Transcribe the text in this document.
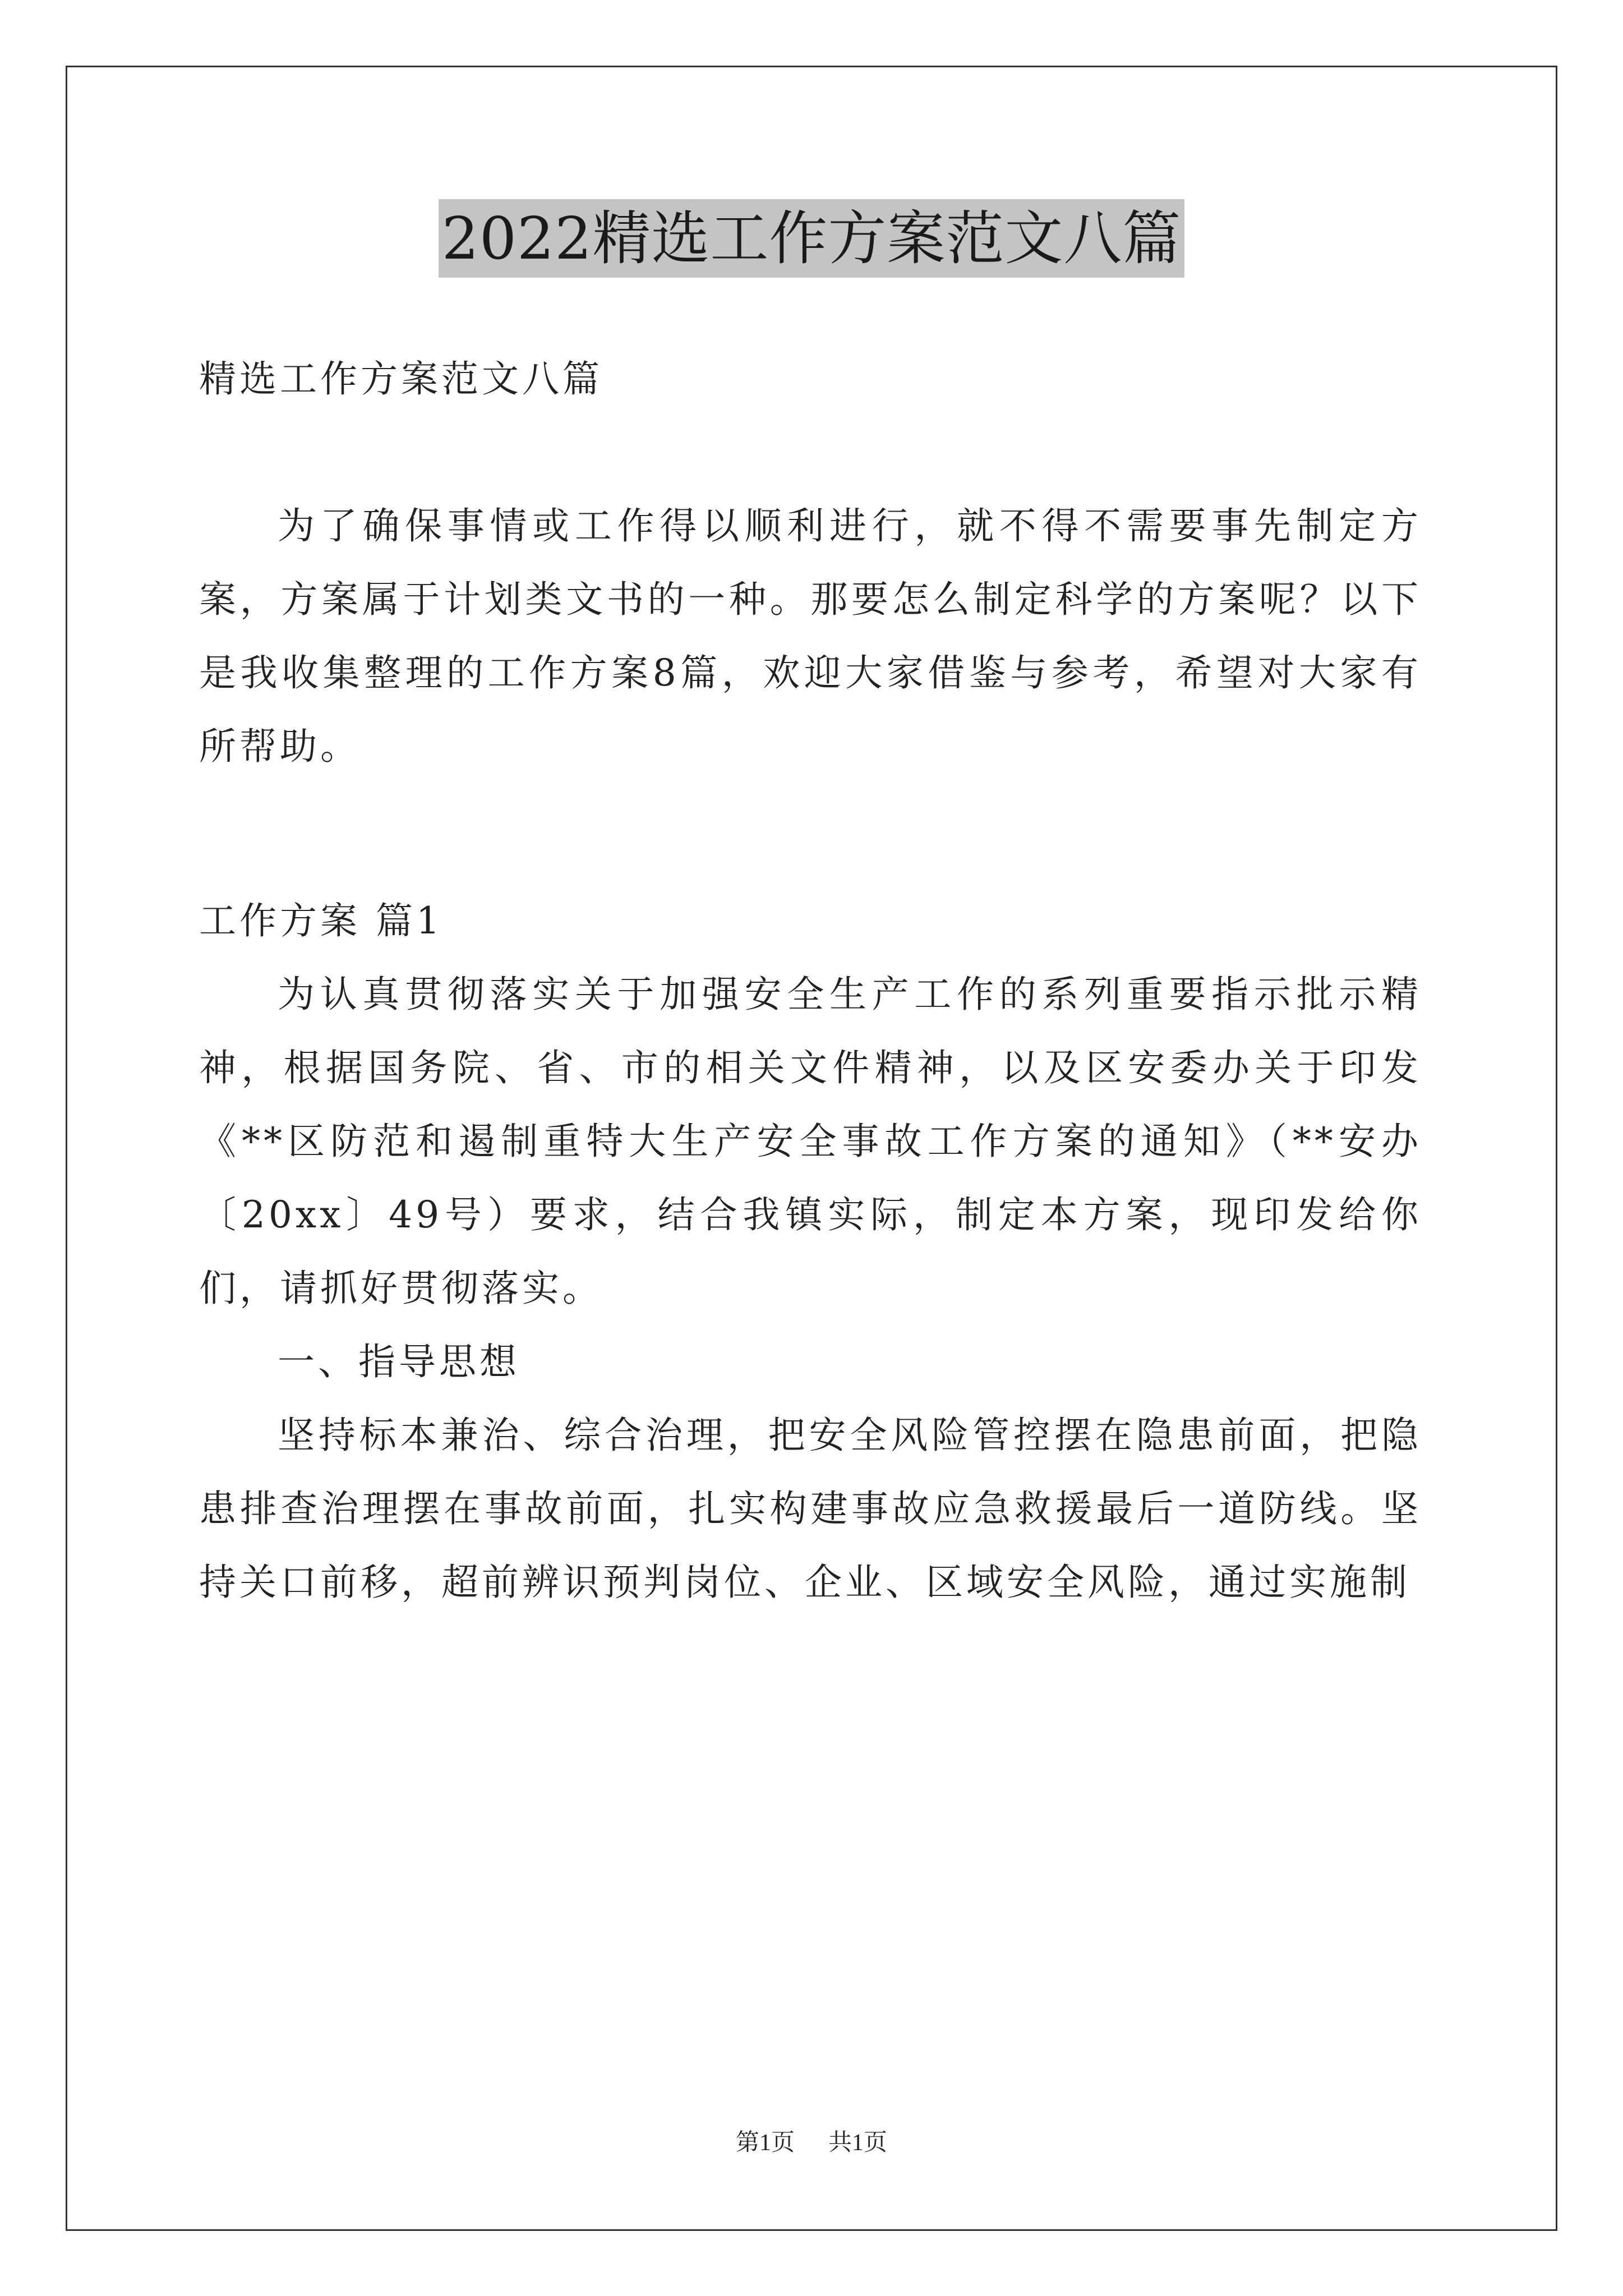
2022精选工作方案范文八篇

精选工作方案范文八篇

为了确保事情或工作得以顺利进行，就不得不需要事先制定方案，方案属于计划类文书的一种。那要怎么制定科学的方案呢？以下是我收集整理的工作方案8篇，欢迎大家借鉴与参考，希望对大家有所帮助。

工作方案 篇1

为认真贯彻落实关于加强安全生产工作的系列重要指示批示精神，根据国务院、省、市的相关文件精神，以及区安委办关于印发《**区防范和遏制重特大生产安全事故工作方案的通知》（**安办〔20xx〕49号）要求，结合我镇实际，制定本方案，现印发给你们，请抓好贯彻落实。

一、指导思想

坚持标本兼治、综合治理，把安全风险管控摆在隐患前面，把隐患排查治理摆在事故前面，扎实构建事故应急救援最后一道防线。坚持关口前移，超前辨识预判岗位、企业、区域安全风险，通过实施制

第1页 共1页
